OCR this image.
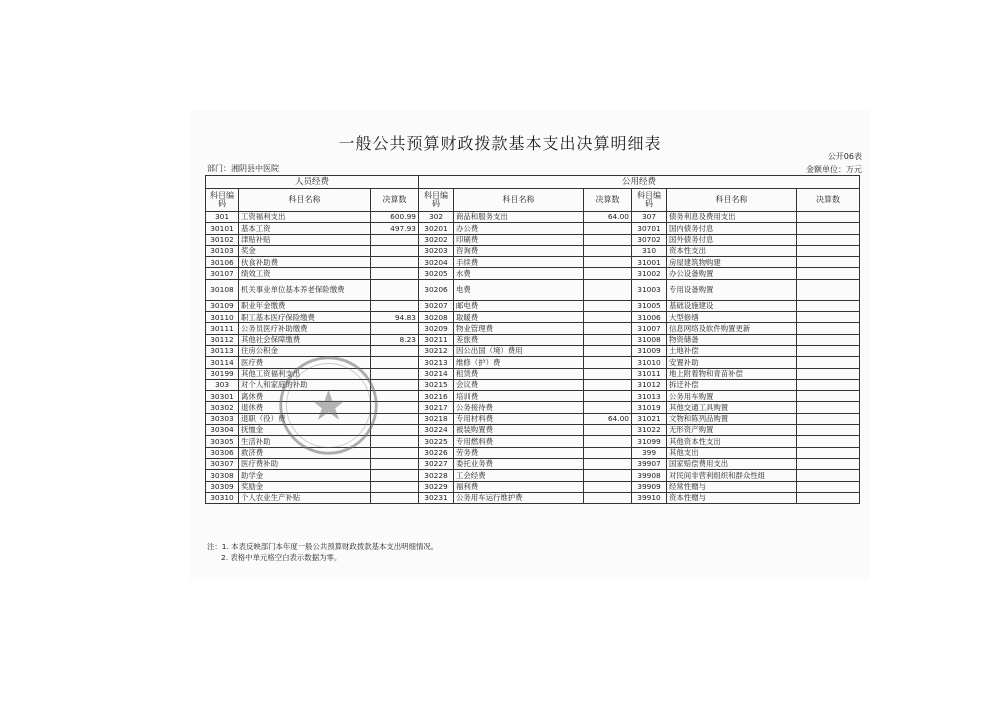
一般公共预算财政拨款基本支出决算明细表
公开06表
部门：湘阴县中医院	金额单位：万元
人员经费			公用经费					
科目编码	科目名称	决算数	科目编码	科目名称	决算数	科目编码	科目名称	决算数
301	工资福利支出	600.99	302	商品和服务支出	64.00	307	债务利息及费用支出	
30101	基本工资	497.93	30201	办公费		30701	国内债务付息	
30102	津贴补贴		30202	印刷费		30702	国外债务付息	
30103	奖金		30203	咨询费		310	资本性支出	
30106	伙食补助费		30204	手续费		31001	房屋建筑物购建	
30107	绩效工资		30205	水费		31002	办公设备购置	
30108	机关事业单位基本养老保险缴费		30206	电费		31003	专用设备购置	
30109	职业年金缴费		30207	邮电费		31005	基础设施建设	
30110	职工基本医疗保险缴费	94.83	30208	取暖费		31006	大型修缮	
30111	公务员医疗补助缴费		30209	物业管理费		31007	信息网络及软件购置更新	
30112	其他社会保障缴费	8.23	30211	差旅费		31008	物资储备	
30113	住房公积金		30212	因公出国（境）费用		31009	土地补偿	
30114	医疗费		30213	维修（护）费		31010	安置补助	
30199	其他工资福利支出		30214	租赁费		31011	地上附着物和青苗补偿	
303	对个人和家庭的补助		30215	会议费		31012	拆迁补偿	
30301	离休费		30216	培训费		31013	公务用车购置	
30302	退休费		30217	公务接待费		31019	其他交通工具购置	
30303	退职（役）费		30218	专用材料费	64.00	31021	文物和陈列品购置	
30304	抚恤金		30224	被装购置费		31022	无形资产购置	
30305	生活补助		30225	专用燃料费		31099	其他资本性支出	
30306	救济费		30226	劳务费		399	其他支出	
30307	医疗费补助		30227	委托业务费		39907	国家赔偿费用支出	
30308	助学金		30228	工会经费		39908	对民间非营利组织和群众性组	
30309	奖励金		30229	福利费		39909	经常性赠与	
30310	个人农业生产补贴		30231	公务用车运行维护费		39910	资本性赠与	
注：1. 本表反映部门本年度一般公共预算财政拨款基本支出明细情况。
2. 表格中单元格空白表示数据为零。
